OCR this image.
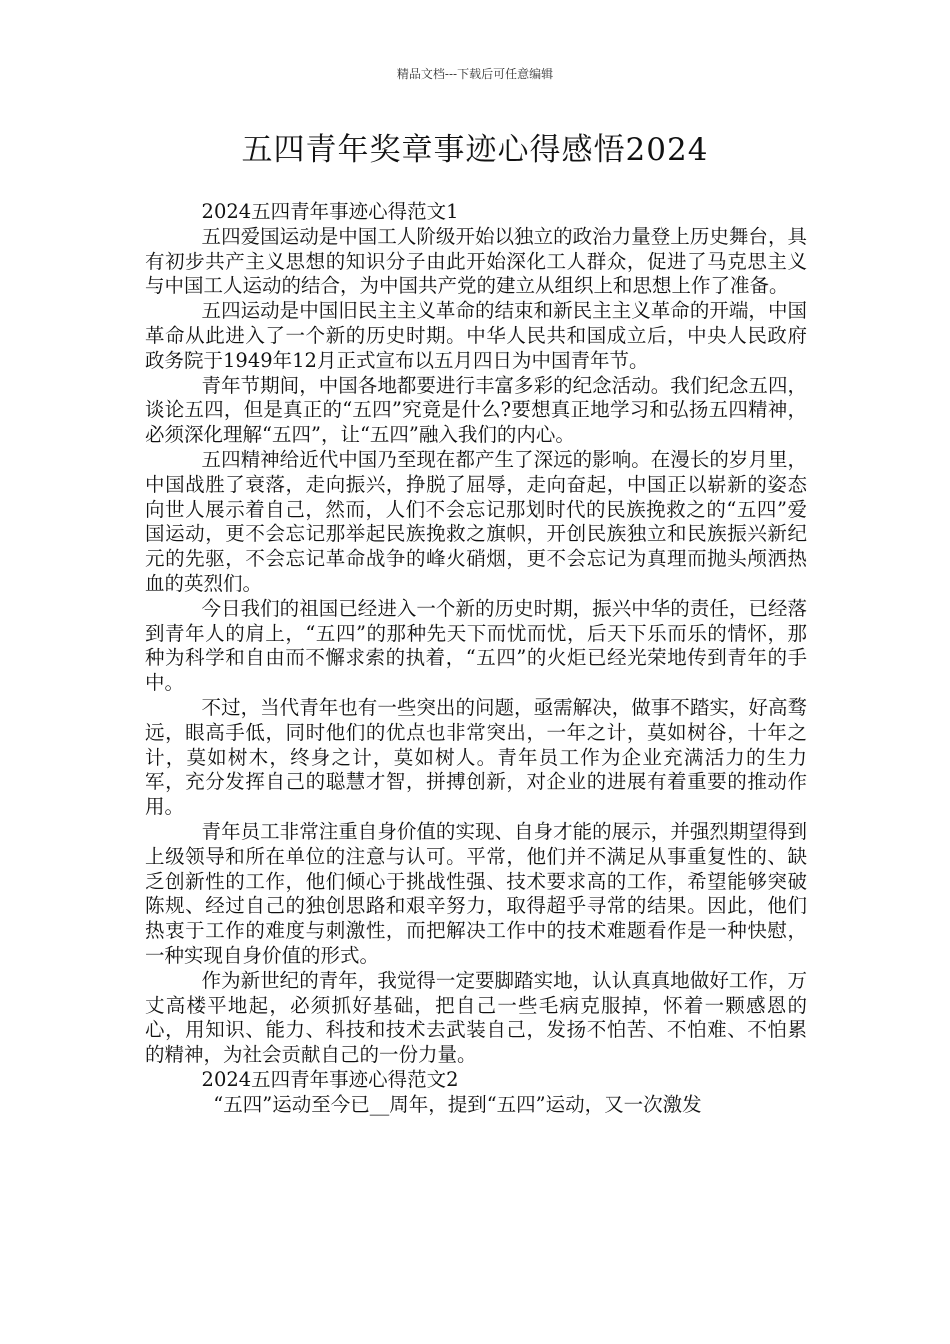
精品文档---下载后可任意编辑
五四青年奖章事迹心得感悟2024

2024五四青年事迹心得范文1

五四爱国运动是中国工人阶级开始以独立的政治力量登上历史舞台，具有初步共产主义思想的知识分子由此开始深化工人群众，促进了马克思主义与中国工人运动的结合，为中国共产党的建立从组织上和思想上作了准备。

五四运动是中国旧民主主义革命的结束和新民主主义革命的开端，中国革命从此进入了一个新的历史时期。中华人民共和国成立后，中央人民政府政务院于1949年12月正式宣布以五月四日为中国青年节。

青年节期间，中国各地都要进行丰富多彩的纪念活动。我们纪念五四，谈论五四，但是真正的“五四”究竟是什么?要想真正地学习和弘扬五四精神，必须深化理解“五四”，让“五四”融入我们的内心。

五四精神给近代中国乃至现在都产生了深远的影响。在漫长的岁月里，中国战胜了衰落，走向振兴，挣脱了屈辱，走向奋起，中国正以崭新的姿态向世人展示着自己，然而，人们不会忘记那划时代的民族挽救之的“五四”爱国运动，更不会忘记那举起民族挽救之旗帜，开创民族独立和民族振兴新纪元的先驱，不会忘记革命战争的峰火硝烟，更不会忘记为真理而抛头颅洒热血的英烈们。

今日我们的祖国已经进入一个新的历史时期，振兴中华的责任，已经落到青年人的肩上，“五四”的那种先天下而忧而忧，后天下乐而乐的情怀，那种为科学和自由而不懈求索的执着，“五四”的火炬已经光荣地传到青年的手中。

不过，当代青年也有一些突出的问题，亟需解决，做事不踏实，好高骛远，眼高手低，同时他们的优点也非常突出，一年之计，莫如树谷，十年之计，莫如树木，终身之计，莫如树人。青年员工作为企业充满活力的生力军，充分发挥自己的聪慧才智，拼搏创新，对企业的进展有着重要的推动作用。

青年员工非常注重自身价值的实现、自身才能的展示，并强烈期望得到上级领导和所在单位的注意与认可。平常，他们并不满足从事重复性的、缺乏创新性的工作，他们倾心于挑战性强、技术要求高的工作，希望能够突破陈规、经过自己的独创思路和艰辛努力，取得超乎寻常的结果。因此，他们热衷于工作的难度与刺激性，而把解决工作中的技术难题看作是一种快慰，一种实现自身价值的形式。

作为新世纪的青年，我觉得一定要脚踏实地，认认真真地做好工作，万丈高楼平地起，必须抓好基础，把自己一些毛病克服掉，怀着一颗感恩的心，用知识、能力、科技和技术去武装自己，发扬不怕苦、不怕难、不怕累的精神，为社会贡献自己的一份力量。

2024五四青年事迹心得范文2

“五四”运动至今已__周年，提到“五四”运动，又一次激发
